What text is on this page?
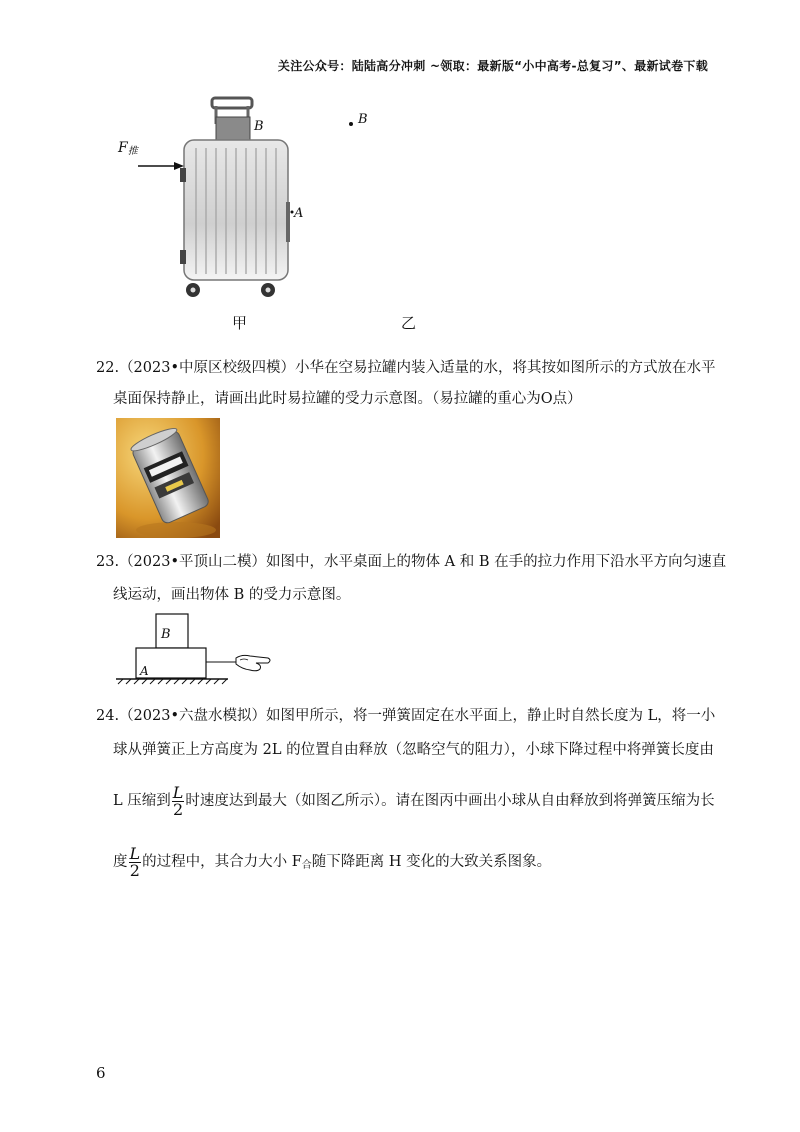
关注公众号：陆陆高分冲刺 ~领取：最新版“小中高考-总复习”、最新试卷下载
$F_推$
B
A
甲
B
乙
22.（2023•中原区校级四模）小华在空易拉罐内装入适量的水，将其按如图所示的方式放在水平
桌面保持静止，请画出此时易拉罐的受力示意图。（易拉罐的重心为O点）
23.（2023•平顶山二模）如图中，水平桌面上的物体 A 和 B 在手的拉力作用下沿水平方向匀速直
线运动，画出物体 B 的受力示意图。
B
A
24.（2023•六盘水模拟）如图甲所示，将一弹簧固定在水平面上，静止时自然长度为 L，将一小
球从弹簧正上方高度为 2L 的位置自由释放（忽略空气的阻力），小球下降过程中将弹簧长度由
L 压缩到 $\frac{L}{2}$ 时速度达到最大（如图乙所示）。请在图丙中画出小球从自由释放到将弹簧压缩为长
度 $\frac{L}{2}$ 的过程中，其合力大小 $F_合$随下降距离 H 变化的大致关系图象。
6
